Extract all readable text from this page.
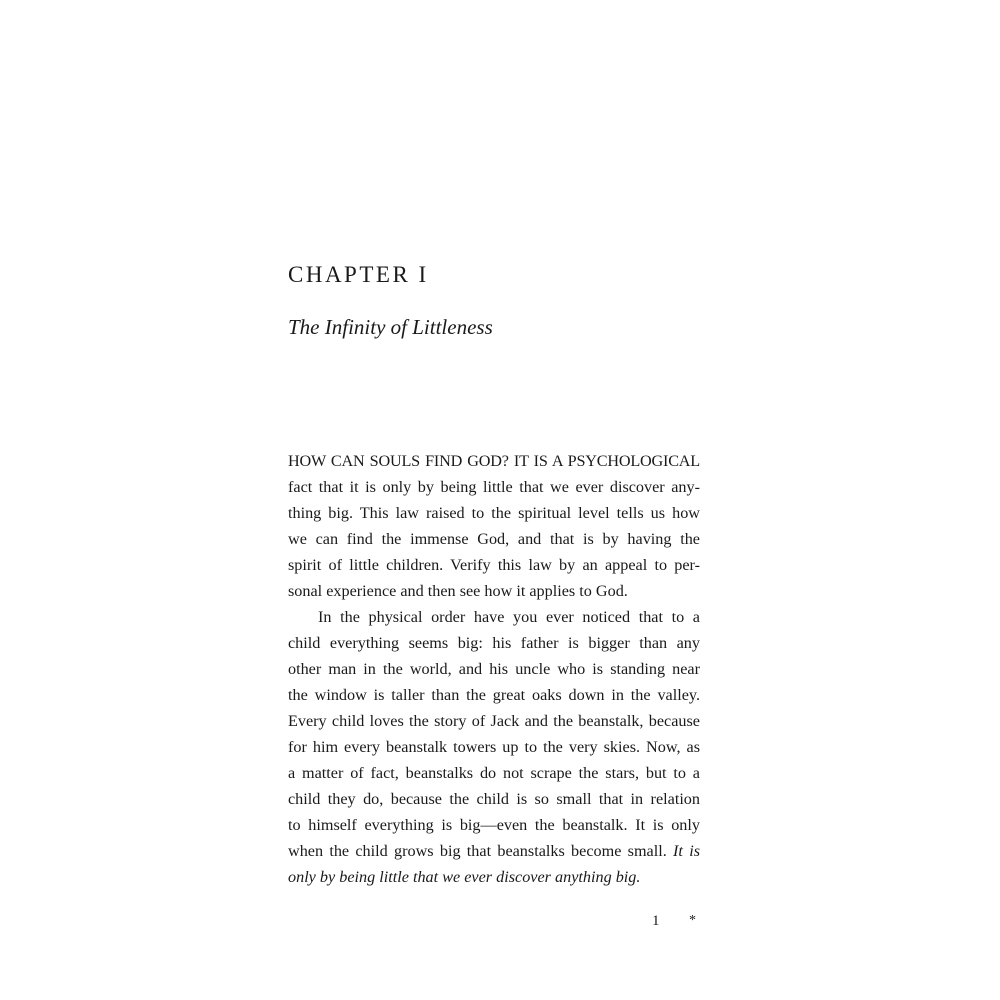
CHAPTER I
The Infinity of Littleness
HOW CAN SOULS FIND GOD? IT IS A PSYCHOLOGICAL
fact that it is only by being little that we ever discover any-
thing big. This law raised to the spiritual level tells us how
we can find the immense God, and that is by having the
spirit of little children. Verify this law by an appeal to per-
sonal experience and then see how it applies to God.
In the physical order have you ever noticed that to a
child everything seems big: his father is bigger than any
other man in the world, and his uncle who is standing near
the window is taller than the great oaks down in the valley.
Every child loves the story of Jack and the beanstalk, because
for him every beanstalk towers up to the very skies. Now, as
a matter of fact, beanstalks do not scrape the stars, but to a
child they do, because the child is so small that in relation
to himself everything is big—even the beanstalk. It is only
when the child grows big that beanstalks become small. It is
only by being little that we ever discover anything big.
1 *
